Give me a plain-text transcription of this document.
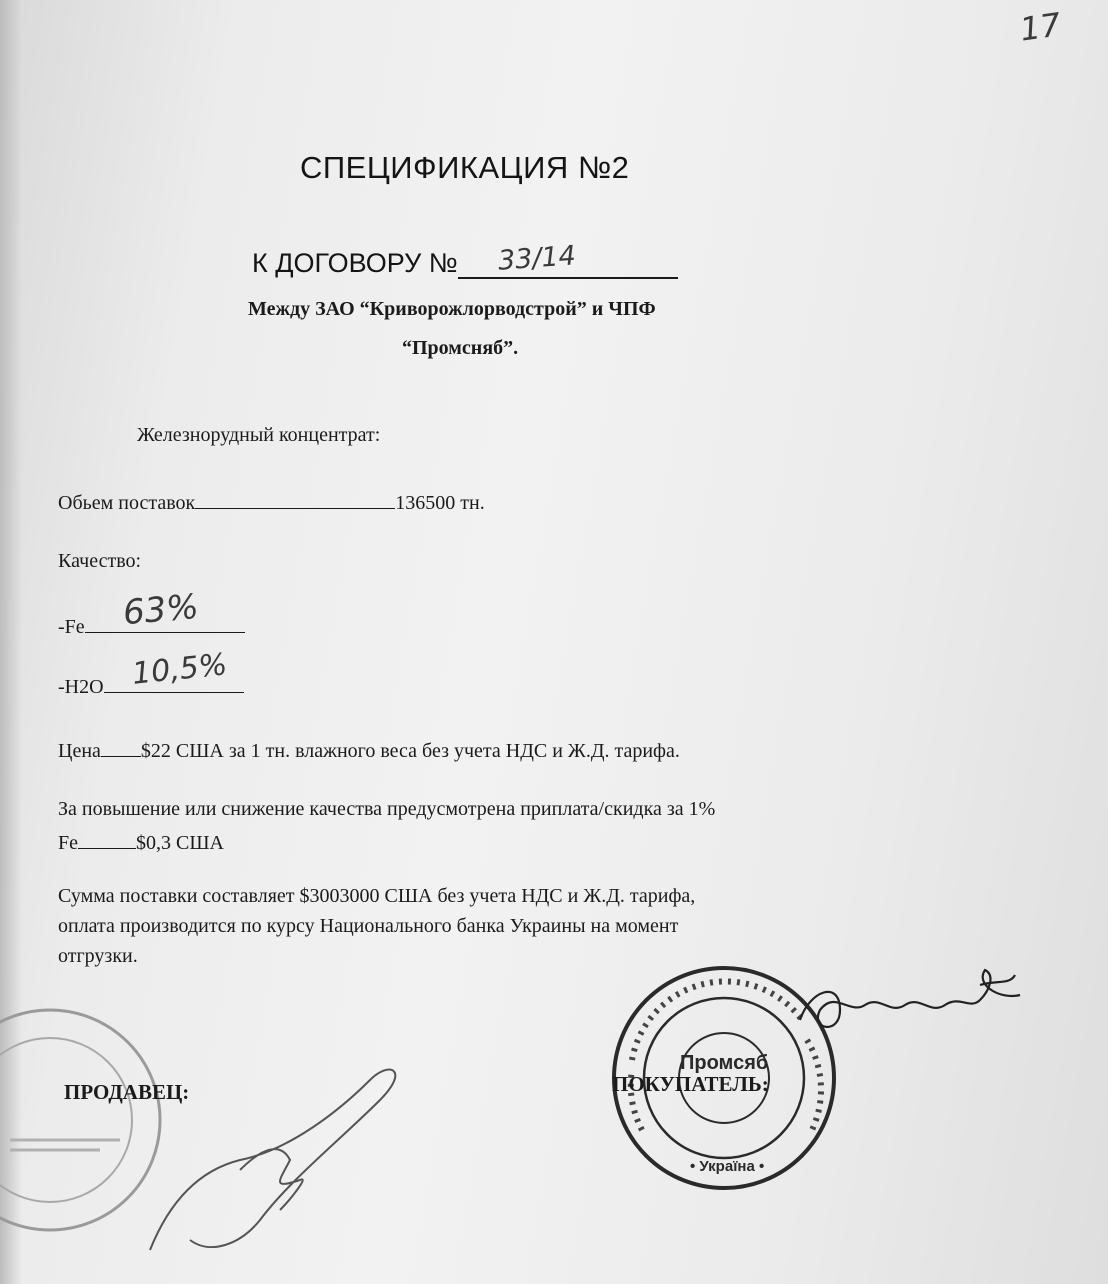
17
СПЕЦИФИКАЦИЯ №2
К ДОГОВОРУ № 33/14
Между ЗАО “Криворожлорводстрой” и ЧПФ
“Промсняб”.
Железнорудный концентрат:
Обьем поставок	136500 тн.
Качество:
-Fe 63%
-H2O 10,5%
Цена $22 США за 1 тн. влажного веса без учета НДС и Ж.Д. тарифа.
За повышение или снижение качества предусмотрена приплата/скидка за 1%
Fe	$0,3 США
Сумма поставки составляет $3003000 США без учета НДС и Ж.Д. тарифа,
оплата производится по курсу Национального банка Украины на момент
отгрузки.
ПРОДАВЕЦ:
Промсяб
• Україна •
ПОКУПАТЕЛЬ:
